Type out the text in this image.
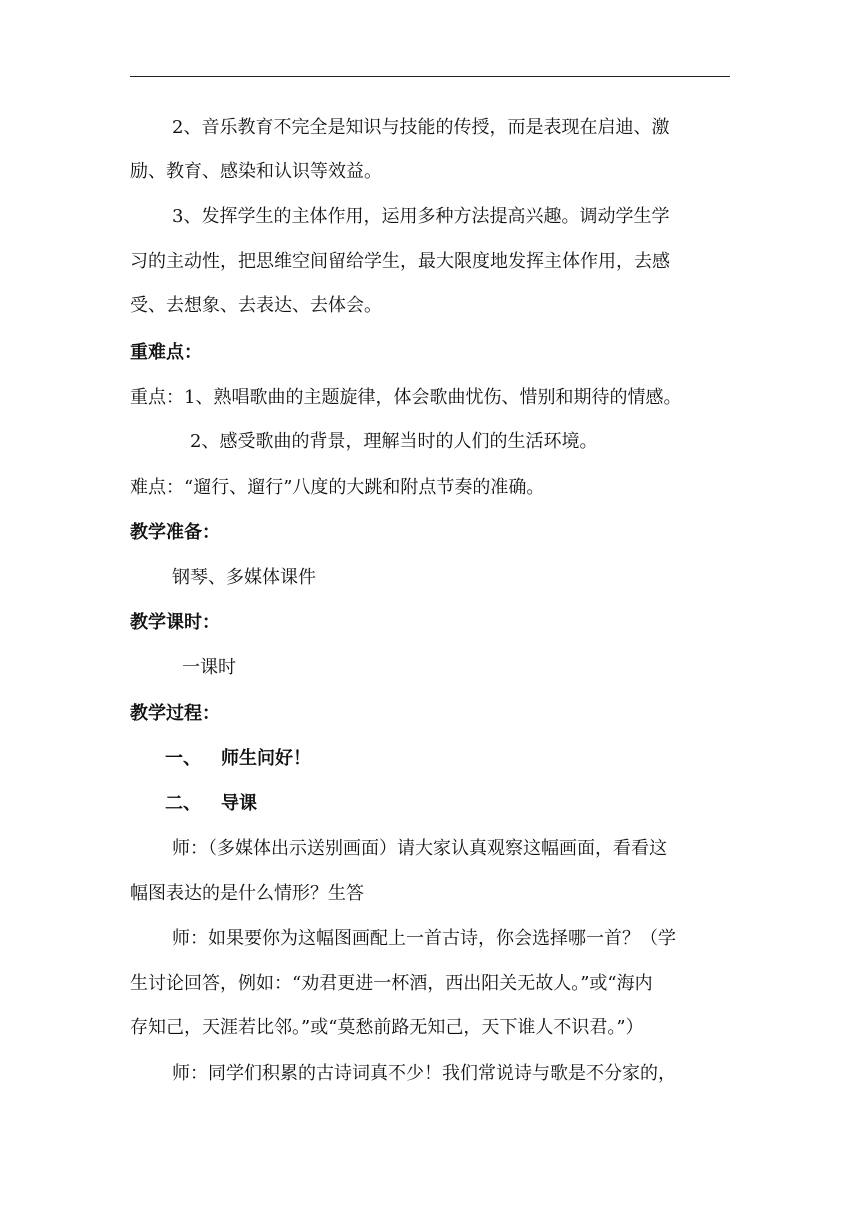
2、音乐教育不完全是知识与技能的传授，而是表现在启迪、激
励、教育、感染和认识等效益。
3、发挥学生的主体作用，运用多种方法提高兴趣。调动学生学
习的主动性，把思维空间留给学生，最大限度地发挥主体作用，去感
受、去想象、去表达、去体会。
重难点：
重点：1、熟唱歌曲的主题旋律，体会歌曲忧伤、惜别和期待的情感。
2、感受歌曲的背景，理解当时的人们的生活环境。
难点：“遛行、遛行”八度的大跳和附点节奏的准确。
教学准备：
钢琴、多媒体课件
教学课时：
一课时
教学过程：
一、 师生问好！
二、 导课
师：（多媒体出示送别画面）请大家认真观察这幅画面，看看这
幅图表达的是什么情形？生答
师：如果要你为这幅图画配上一首古诗，你会选择哪一首？（学
生讨论回答，例如：“劝君更进一杯酒，西出阳关无故人。”或“海内
存知己，天涯若比邻。”或“莫愁前路无知己，天下谁人不识君。”）
师：同学们积累的古诗词真不少！我们常说诗与歌是不分家的，
